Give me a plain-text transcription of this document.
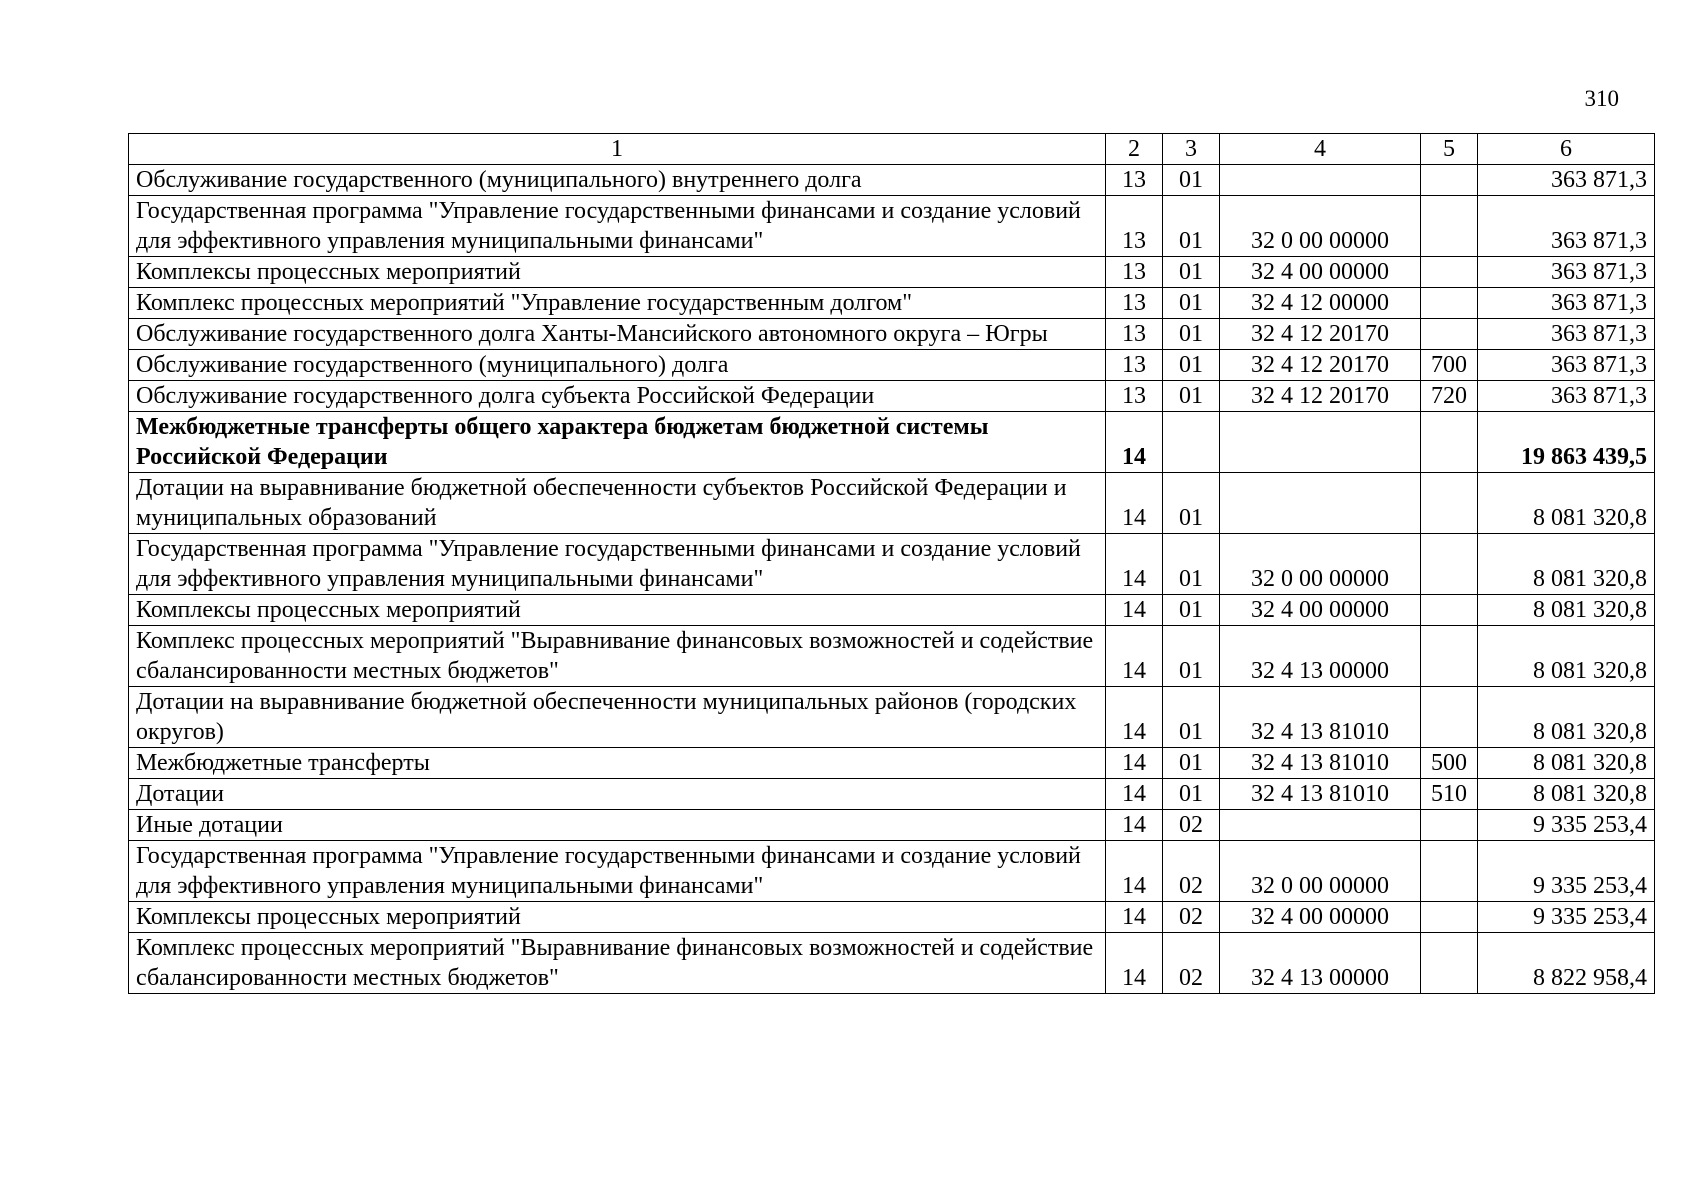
310
1	2	3	4	5	6
Обслуживание государственного (муниципального) внутреннего долга	13	01			363 871,3
Государственная программа "Управление государственными финансами и создание условий для эффективного управления муниципальными финансами"	13	01	32 0 00 00000		363 871,3
Комплексы процессных мероприятий	13	01	32 4 00 00000		363 871,3
Комплекс процессных мероприятий "Управление государственным долгом"	13	01	32 4 12 00000		363 871,3
Обслуживание государственного долга Ханты-Мансийского автономного округа – Югры	13	01	32 4 12 20170		363 871,3
Обслуживание государственного (муниципального) долга	13	01	32 4 12 20170	700	363 871,3
Обслуживание государственного долга субъекта Российской Федерации	13	01	32 4 12 20170	720	363 871,3
Межбюджетные трансферты общего характера бюджетам бюджетной системы Российской Федерации	14				19 863 439,5
Дотации на выравнивание бюджетной обеспеченности субъектов Российской Федерации и муниципальных образований	14	01			8 081 320,8
Государственная программа "Управление государственными финансами и создание условий для эффективного управления муниципальными финансами"	14	01	32 0 00 00000		8 081 320,8
Комплексы процессных мероприятий	14	01	32 4 00 00000		8 081 320,8
Комплекс процессных мероприятий "Выравнивание финансовых возможностей и содействие сбалансированности местных бюджетов"	14	01	32 4 13 00000		8 081 320,8
Дотации на выравнивание бюджетной обеспеченности муниципальных районов (городских округов)	14	01	32 4 13 81010		8 081 320,8
Межбюджетные трансферты	14	01	32 4 13 81010	500	8 081 320,8
Дотации	14	01	32 4 13 81010	510	8 081 320,8
Иные дотации	14	02			9 335 253,4
Государственная программа "Управление государственными финансами и создание условий для эффективного управления муниципальными финансами"	14	02	32 0 00 00000		9 335 253,4
Комплексы процессных мероприятий	14	02	32 4 00 00000		9 335 253,4
Комплекс процессных мероприятий "Выравнивание финансовых возможностей и содействие сбалансированности местных бюджетов"	14	02	32 4 13 00000		8 822 958,4
